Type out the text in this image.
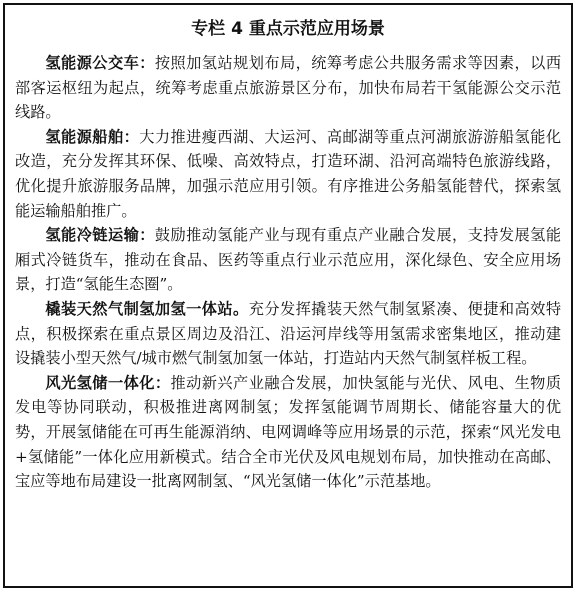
专栏 4 重点示范应用场景

氢能源公交车：按照加氢站规划布局，统筹考虑公共服务需求等因素，以西部客运枢纽为起点，统筹考虑重点旅游景区分布，加快布局若干氢能源公交示范线路。

氢能源船舶：大力推进瘦西湖、大运河、高邮湖等重点河湖旅游游船氢能化改造，充分发挥其环保、低噪、高效特点，打造环湖、沿河高端特色旅游线路，优化提升旅游服务品牌，加强示范应用引领。有序推进公务船氢能替代，探索氢能运输船舶推广。

氢能冷链运输：鼓励推动氢能产业与现有重点产业融合发展，支持发展氢能厢式冷链货车，推动在食品、医药等重点行业示范应用，深化绿色、安全应用场景，打造“氢能生态圈”。

橇装天然气制氢加氢一体站。充分发挥撬装天然气制氢紧凑、便捷和高效特点，积极探索在重点景区周边及沿江、沿运河岸线等用氢需求密集地区，推动建设撬装小型天然气/城市燃气制氢加氢一体站，打造站内天然气制氢样板工程。

风光氢储一体化：推动新兴产业融合发展，加快氢能与光伏、风电、生物质发电等协同联动，积极推进离网制氢；发挥氢能调节周期长、储能容量大的优势，开展氢储能在可再生能源消纳、电网调峰等应用场景的示范，探索“风光发电+氢储能”一体化应用新模式。结合全市光伏及风电规划布局，加快推动在高邮、宝应等地布局建设一批离网制氢、“风光氢储一体化”示范基地。
